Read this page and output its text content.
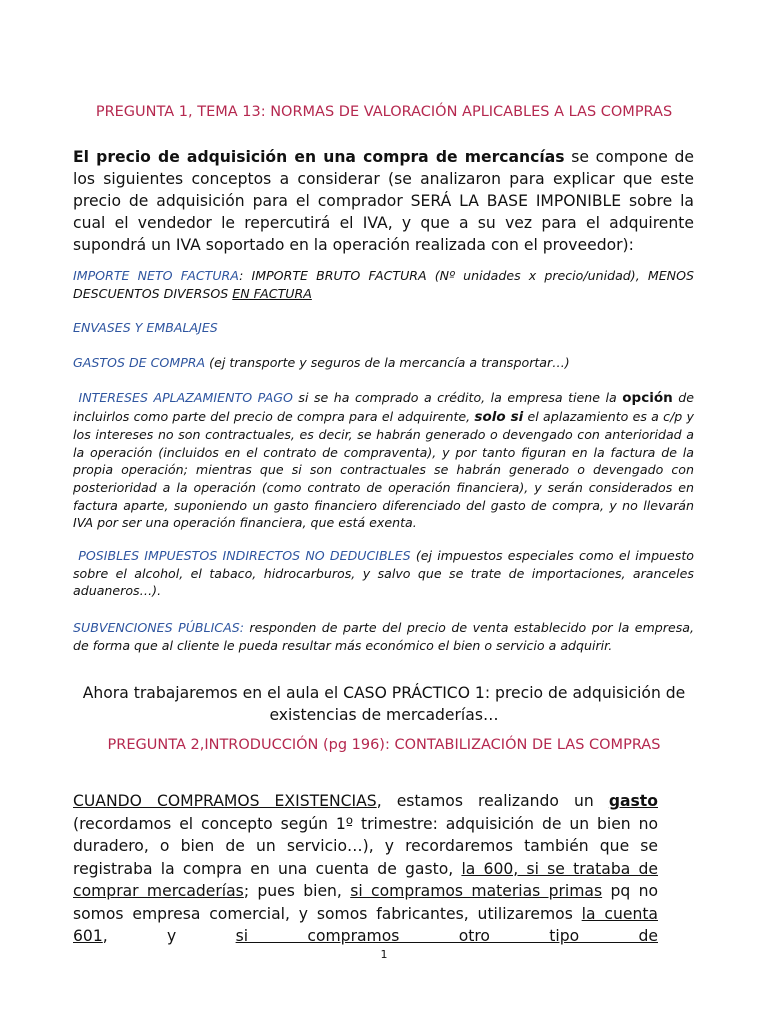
PREGUNTA 1, TEMA 13: NORMAS DE VALORACIÓN APLICABLES A LAS COMPRAS
El precio de adquisición en una compra de mercancías se compone de los siguientes conceptos a considerar (se analizaron para explicar que este precio de adquisición para el comprador SERÁ LA BASE IMPONIBLE sobre la cual el vendedor le repercutirá el IVA, y que a su vez para el adquirente supondrá un IVA soportado en la operación realizada con el proveedor):
IMPORTE NETO FACTURA: IMPORTE BRUTO FACTURA (Nº unidades x precio/unidad), MENOS DESCUENTOS DIVERSOS EN FACTURA
ENVASES Y EMBALAJES
GASTOS DE COMPRA (ej transporte y seguros de la mercancía a transportar…)
INTERESES APLAZAMIENTO PAGO si se ha comprado a crédito, la empresa tiene la opción de incluirlos como parte del precio de compra para el adquirente, solo si el aplazamiento es a c/p y los intereses no son contractuales, es decir, se habrán generado o devengado con anterioridad a la operación (incluidos en el contrato de compraventa), y por tanto figuran en la factura de la propia operación; mientras que si son contractuales se habrán generado o devengado con posterioridad a la operación (como contrato de operación financiera), y serán considerados en factura aparte, suponiendo un gasto financiero diferenciado del gasto de compra, y no llevarán IVA por ser una operación financiera, que está exenta.
POSIBLES IMPUESTOS INDIRECTOS NO DEDUCIBLES (ej impuestos especiales como el impuesto sobre el alcohol, el tabaco, hidrocarburos, y salvo que se trate de importaciones, aranceles aduaneros…).
SUBVENCIONES PÚBLICAS: responden de parte del precio de venta establecido por la empresa, de forma que al cliente le pueda resultar más económico el bien o servicio a adquirir.
Ahora trabajaremos en el aula el CASO PRÁCTICO 1: precio de adquisición de
existencias de mercaderías…
PREGUNTA 2,INTRODUCCIÓN (pg 196): CONTABILIZACIÓN DE LAS COMPRAS
CUANDO COMPRAMOS EXISTENCIAS, estamos realizando un gasto (recordamos el concepto según 1º trimestre: adquisición de un bien no duradero, o bien de un servicio…), y recordaremos también que se registraba la compra en una cuenta de gasto, la 600, si se trataba de comprar mercaderías; pues bien, si compramos materias primas pq no somos empresa comercial, y somos fabricantes, utilizaremos la cuenta 601, y si compramos otro tipo de
1
